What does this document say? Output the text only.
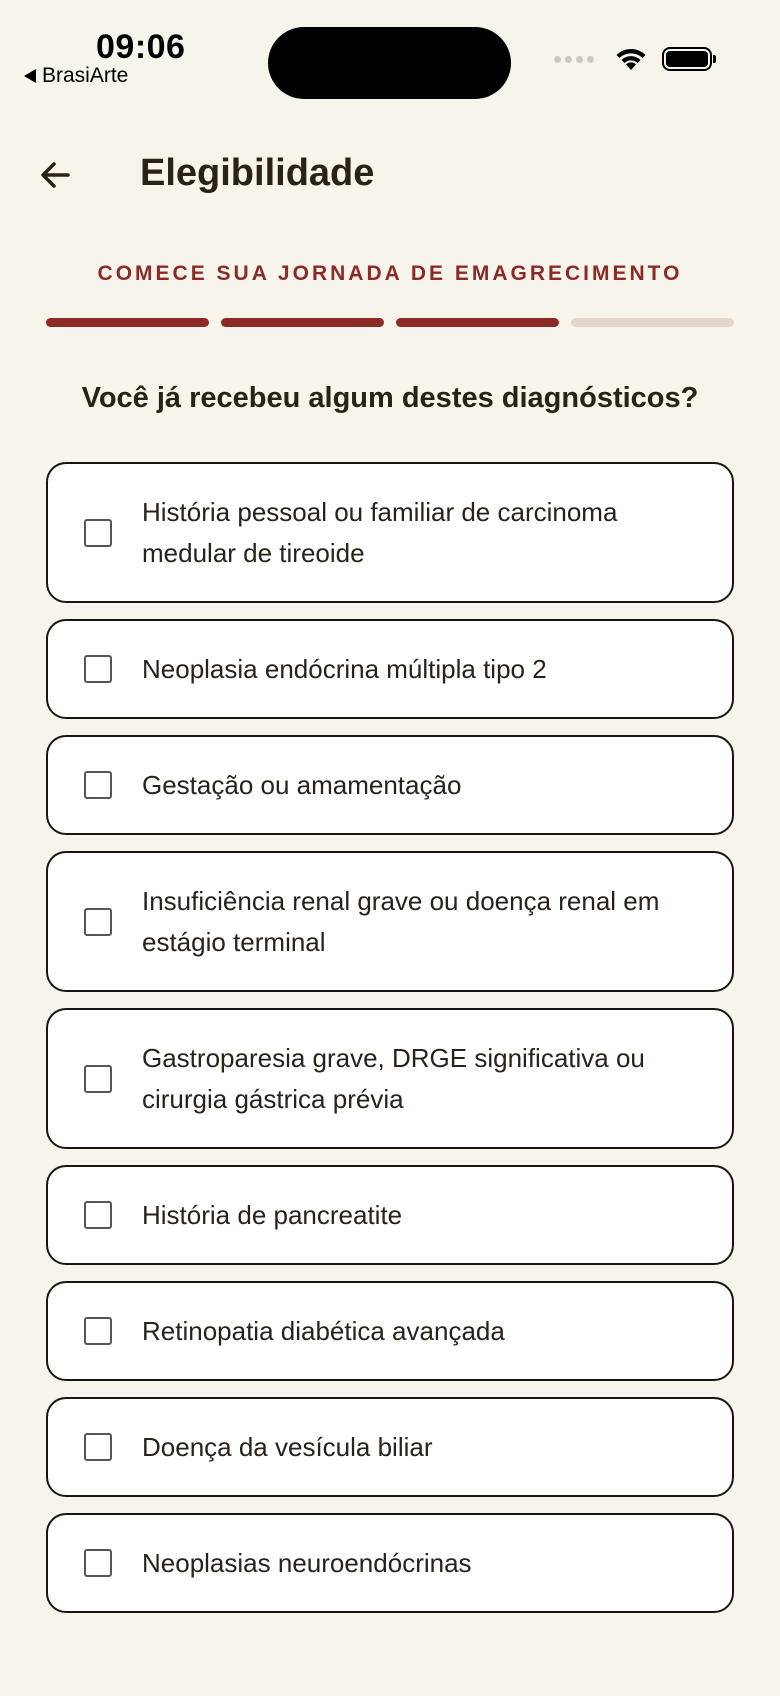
09:06
BrasiArte
Elegibilidade
COMECE SUA JORNADA DE EMAGRECIMENTO
Você já recebeu algum destes diagnósticos?
História pessoal ou familiar de carcinoma medular de tireoide
Neoplasia endócrina múltipla tipo 2
Gestação ou amamentação
Insuficiência renal grave ou doença renal em estágio terminal
Gastroparesia grave, DRGE significativa ou cirurgia gástrica prévia
História de pancreatite
Retinopatia diabética avançada
Doença da vesícula biliar
Neoplasias neuroendócrinas
